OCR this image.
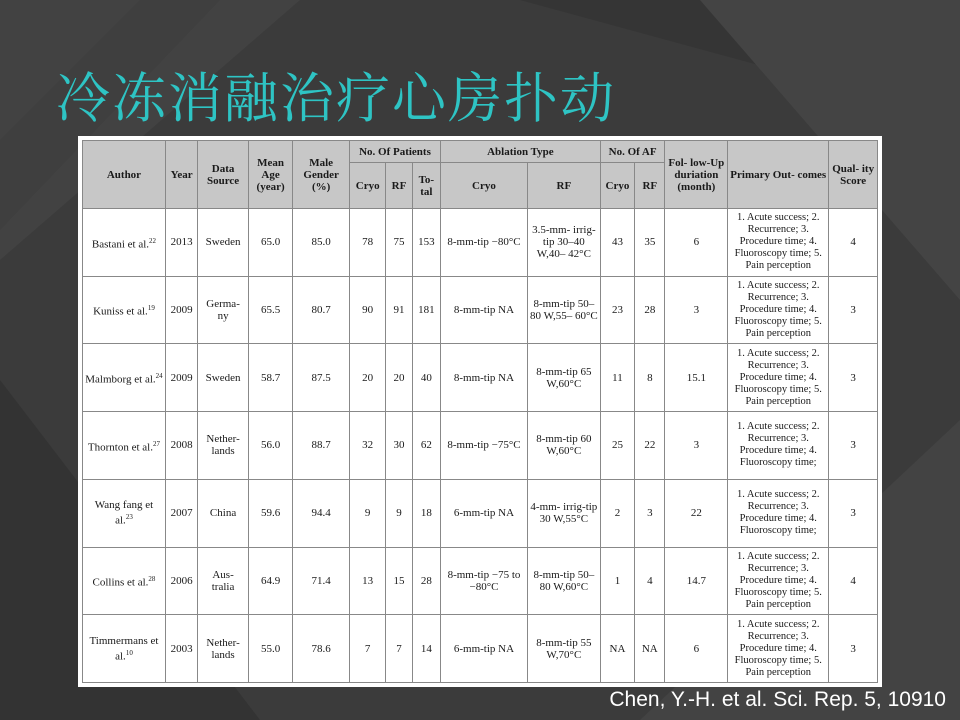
冷冻消融治疗心房扑动
Author	Year	Data Source	Mean Age (year)	Male Gender (%)	No. Of Patients			Ablation Type		No. Of AF		Fol- low-Up duriation (month)	Primary Out- comes	Qual- ity Score
					Cryo	RF	To- tal	Cryo	RF	Cryo	RF			
Bastani et al.$^{22}$	2013	Sweden	65.0	85.0	78	75	153	8-mm-tip −80°C	3.5-mm- irrig-tip 30–40 W,40– 42°C	43	35	6	1. Acute success; 2. Recurrence; 3. Procedure time; 4. Fluoroscopy time; 5. Pain perception	4
Kuniss et al.$^{19}$	2009	Germa- ny	65.5	80.7	90	91	181	8-mm-tip NA	8-mm-tip 50–80 W,55– 60°C	23	28	3	1. Acute success; 2. Recurrence; 3. Procedure time; 4. Fluoroscopy time; 5. Pain perception	3
Malmborg et al.$^{24}$	2009	Sweden	58.7	87.5	20	20	40	8-mm-tip NA	8-mm-tip 65 W,60°C	11	8	15.1	1. Acute success; 2. Recurrence; 3. Procedure time; 4. Fluoroscopy time; 5. Pain perception	3
Thornton et al.$^{27}$	2008	Nether- lands	56.0	88.7	32	30	62	8-mm-tip −75°C	8-mm-tip 60 W,60°C	25	22	3	1. Acute success; 2. Recurrence; 3. Procedure time; 4. Fluoroscopy time;	3
Wang fang et al.$^{23}$	2007	China	59.6	94.4	9	9	18	6-mm-tip NA	4-mm- irrig-tip 30 W,55°C	2	3	22	1. Acute success; 2. Recurrence; 3. Procedure time; 4. Fluoroscopy time;	3
Collins et al.$^{28}$	2006	Aus- tralia	64.9	71.4	13	15	28	8-mm-tip −75 to −80°C	8-mm-tip 50– 80 W,60°C	1	4	14.7	1. Acute success; 2. Recurrence; 3. Procedure time; 4. Fluoroscopy time; 5. Pain perception	4
Timmermans et al.$^{10}$	2003	Nether- lands	55.0	78.6	7	7	14	6-mm-tip NA	8-mm-tip 55 W,70°C	NA	NA	6	1. Acute success; 2. Recurrence; 3. Procedure time; 4. Fluoroscopy time; 5. Pain perception	3
Chen, Y.-H. et al. Sci. Rep. 5, 10910
